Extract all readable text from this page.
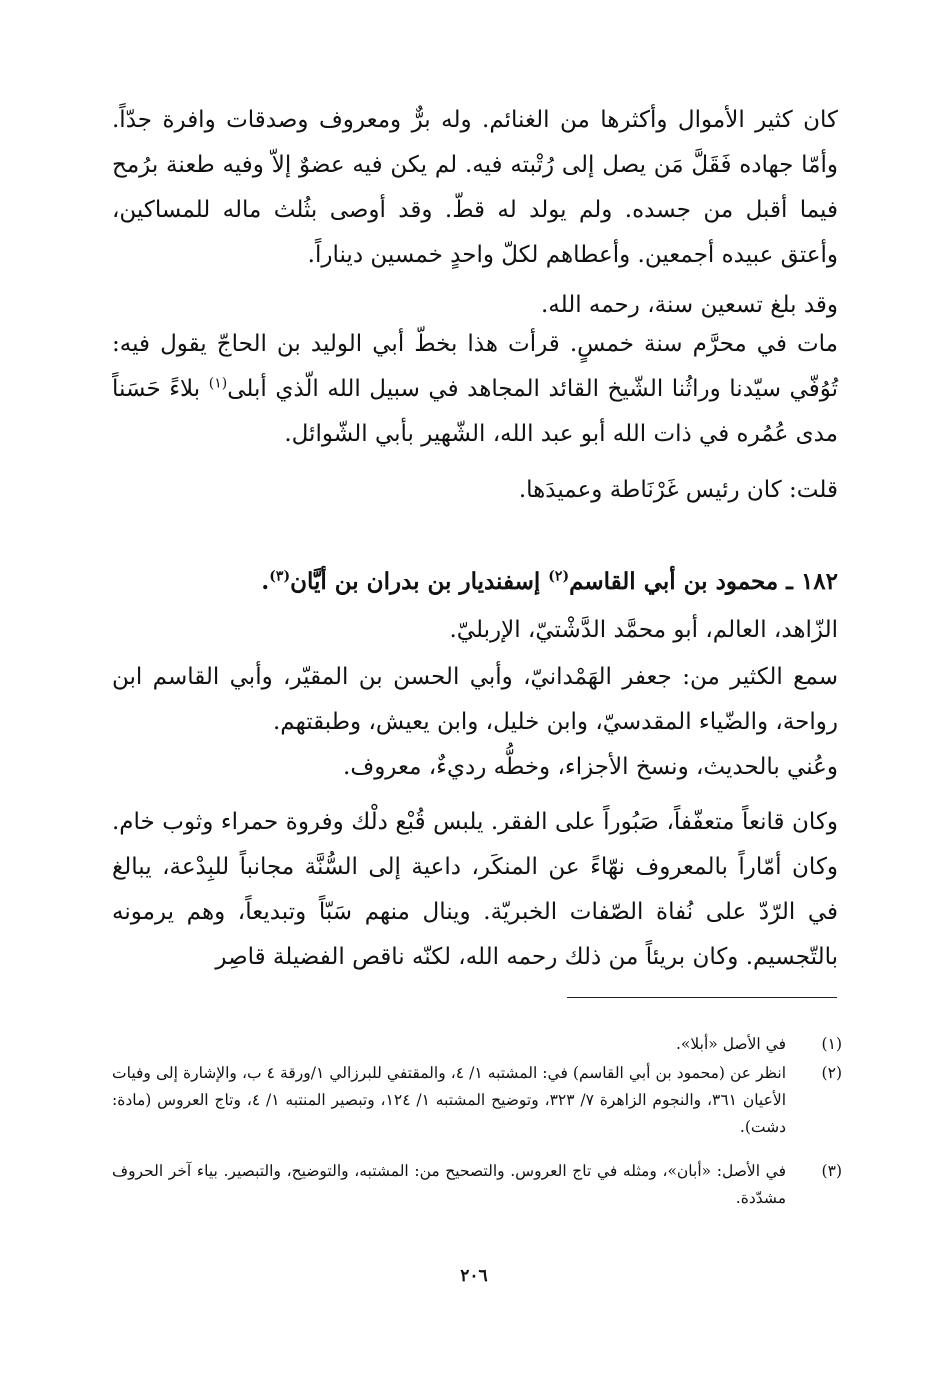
كان كثير الأموال وأكثرها من الغنائم. وله برٌّ ومعروف وصدقات وافرة جدّاً. وأمّا جهاده فَقَلَّ مَن يصل إلى رُتْبته فيه. لم يكن فيه عضوٌ إلاّ وفيه طعنة برُمح فيما أقبل من جسده. ولم يولد له قطّ. وقد أوصى بثُلث ماله للمساكين، وأعتق عبيده أجمعين. وأعطاهم لكلّ واحدٍ خمسين ديناراً.

وقد بلغ تسعين سنة، رحمه الله.

مات في محرَّم سنة خمسٍ. قرأت هذا بخطّ أبي الوليد بن الحاجّ يقول فيه: تُوُفّي سيّدنا وراثُنا الشّيخ القائد المجاهد في سبيل الله الّذي أبلى$^{(١)}$ بلاءً حَسَناً مدى عُمُره في ذات الله أبو عبد الله، الشّهير بأبي الشّوائل.

قلت: كان رئيس غَرْنَاطة وعميدَها.

١٨٢ ـ محمود بن أبي القاسم$^{(٢)}$ إسفنديار بن بدران بن أيَّان$^{(٣)}$.

الزّاهد، العالم، أبو محمَّد الدَّشْتيّ، الإربليّ.

سمع الكثير من: جعفر الهَمْدانيّ، وأبي الحسن بن المقيّر، وأبي القاسم ابن رواحة، والضّياء المقدسيّ، وابن خليل، وابن يعيش، وطبقتهم.

وعُني بالحديث، ونسخ الأجزاء، وخطُّه رديءٌ، معروف.

وكان قانعاً متعفّفاً، صَبُوراً على الفقر. يلبس قُبْع دلْك وفروة حمراء وثوب خام. وكان أمّاراً بالمعروف نهّاءً عن المنكَر، داعية إلى السُّنَّة مجانباً للبِدْعة، يبالغ في الرّدّ على نُفاة الصّفات الخبريّة. وينال منهم سَبّاً وتبديعاً، وهم يرمونه بالتّجسيم. وكان بريئاً من ذلك رحمه الله، لكنّه ناقص الفضيلة قاصِر

(١)
في الأصل «أبلا».
(٢)
انظر عن (محمود بن أبي القاسم) في: المشتبه ١/ ٤، والمقتفي للبرزالي ١/ورقة ٤ ب، والإشارة إلى وفيات الأعيان ٣٦١، والنجوم الزاهرة ٧/ ٣٢٣، وتوضيح المشتبه ١/ ١٢٤، وتبصير المنتبه ١/ ٤، وتاج العروس (مادة: دشت).
(٣)
في الأصل: «أبان»، ومثله في تاج العروس. والتصحيح من: المشتبه، والتوضيح، والتبصير. بياء آخر الحروف مشدّدة.
٢٠٦
